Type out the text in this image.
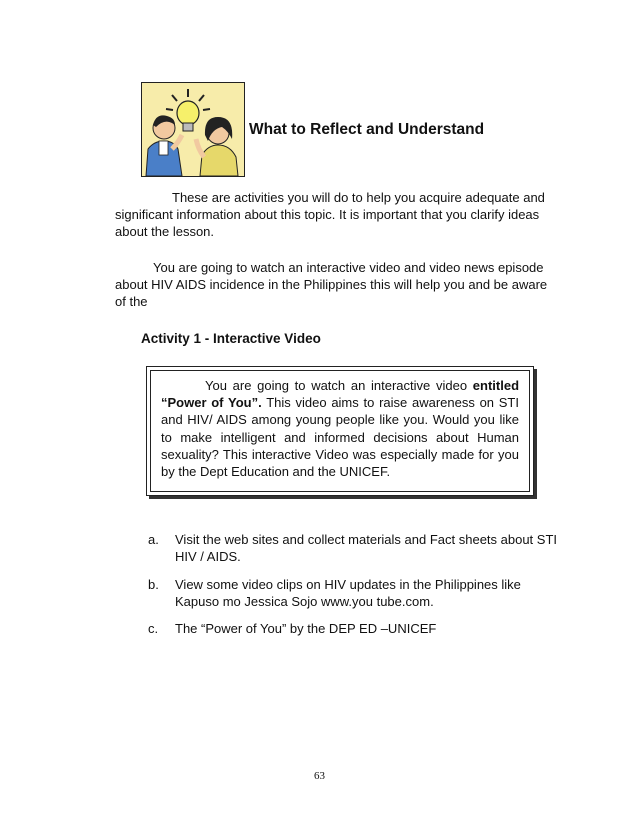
What to Reflect and Understand
These are activities you will do to help you acquire adequate and significant information about this topic. It is important that you clarify ideas about the lesson.
You are going to watch an interactive video and video news episode about HIV AIDS incidence in the Philippines this will help you and be aware of the
Activity 1 - Interactive Video
You are going to watch an interactive video entitled “Power of You”. This video aims to raise awareness on STI and HIV/ AIDS among young people like you. Would you like to make intelligent and informed decisions about Human sexuality? This interactive Video was especially made for you by the Dept Education and the UNICEF.
a.	Visit the web sites and collect materials and Fact sheets about STI HIV / AIDS.
b.	View some video clips on HIV updates in the Philippines like Kapuso mo Jessica Sojo www.you tube.com.
c.	The “Power of You” by the DEP ED –UNICEF
63
